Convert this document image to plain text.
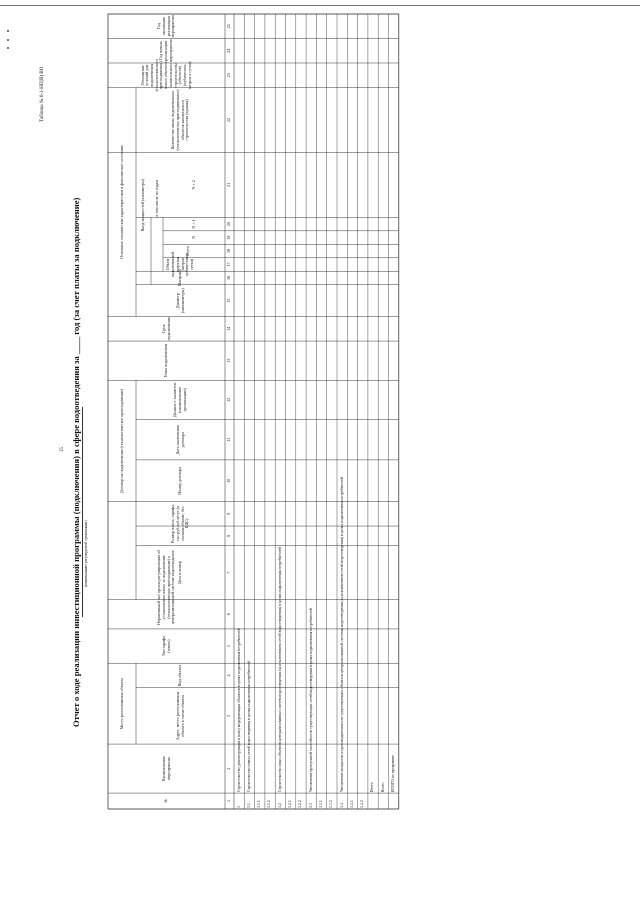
Таблица № 6-1-НП(В) ВО
15 Отчет о ходе реализации инвестиционной программы (подключения) в сфере водоотведения за ____ год (за счет платы за подключение) (наименование регулируемой организации)
№
Наименование мероприятия
Место расположения объекта	Адрес, место расположения объекта в схеме объекта
Вид объекта
Тип тарифа (платы)
Нормативный акт органа регулирования об установлении платы за подключение (технологическое присоединение) к централизованной системе водоотведения Дата и номер
Размер платы, тарифа, тыс.руб.куб.м/сут (в полном объеме, без НДС)
Договор на подключение (технологическое присоединение)	Номер договора
Дата заключения договора
Данные о заявителе (наименование организации)
Точка подключения
Срок подключения
Основные технические характеристики и фактическое состояние
Диаметр (миллиметры)
Материал
Объем подключаемой нагрузки (метров кубических в сутки)
Ввод мощностей (километры)
Всего
в том числе по годам
N
N + 1
N + 2
Количество вновь подключенных (технологически присоединенных) объектов капитального строительства (единиц)
Отношение условий для подключения (технологического присоединения) новых объектов капитального строительства (объектов) (кубических метров в сутки)
Год начала реализации мероприятия
Год окончания реализации мероприятия
1
2
3
4
5
6
7
8
9
10
11
12
13
14
15
16
17
18
19
20
21
22
23
24
25
1
Строительство, реконструкция и (или) модернизация объектов в целях подключения потребителей
1.1
Строительство новых сетей водоотведения в целях подключения потребителей
1.1.1 1.1.2 1.2
Строительство иных объектов централизованных систем водоотведения (за исключением сетей водоотведения) в целях подключения потребителей
1.2.1 1.2.2 1.3
Увеличение пропускной способности существующих сетей водоотведения в целях подключения потребителей
1.3.1 1.3.2 1.4
Увеличение мощности и производительности существующих объектов централизованной системы водоотведения (за исключением сетей водоотведения) в целях подключения потребителей
1.4.1 1.4.2
Итого Всего ИТОГО по программе
